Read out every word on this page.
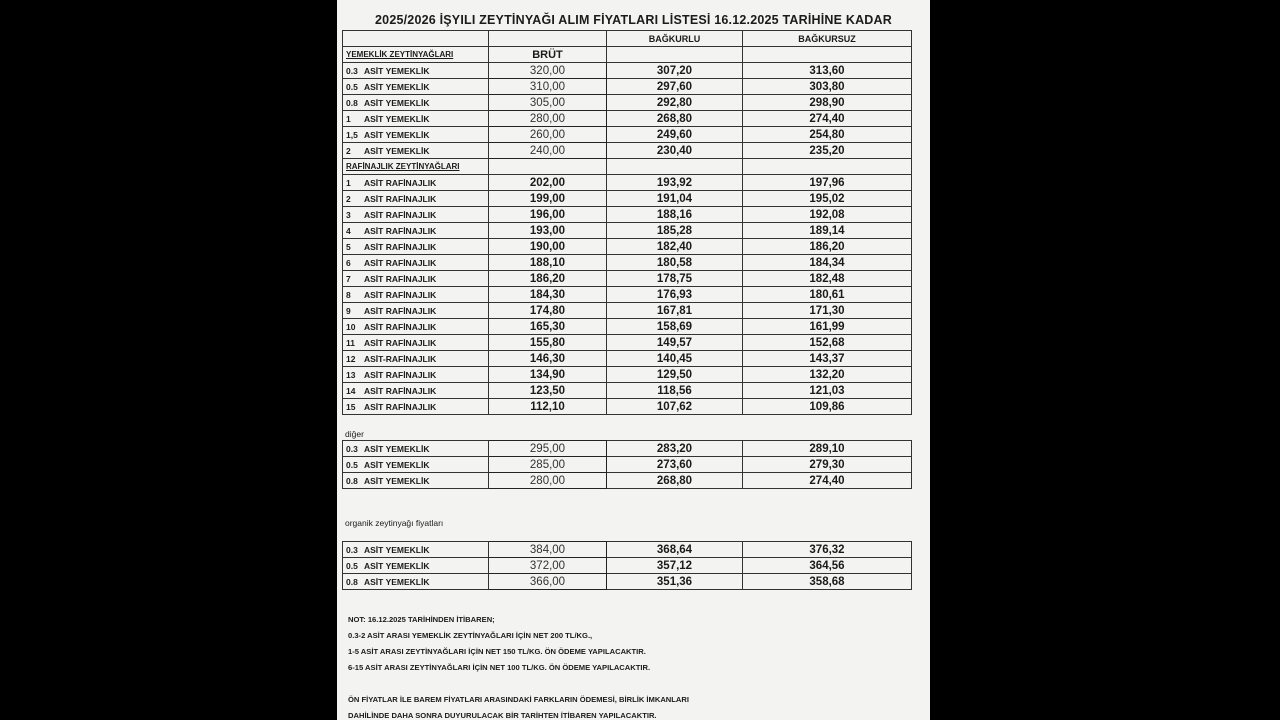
2025/2026 İŞYILI ZEYTİNYAĞI ALIM FİYATLARI LİSTESİ 16.12.2025 TARİHİNE KADAR
		BAĞKURLU	BAĞKURSUZ
YEMEKLİK ZEYTİNYAĞLARI	BRÜT		
0.3 ASİT YEMEKLİK	320,00	307,20	313,60
0.5 ASİT YEMEKLİK	310,00	297,60	303,80
0.8 ASİT YEMEKLİK	305,00	292,80	298,90
1 ASİT YEMEKLİK	280,00	268,80	274,40
1,5 ASİT YEMEKLİK	260,00	249,60	254,80
2 ASİT YEMEKLİK	240,00	230,40	235,20
RAFİNAJLIK ZEYTİNYAĞLARI			
1 ASİT RAFİNAJLIK	202,00	193,92	197,96
2 ASİT RAFİNAJLIK	199,00	191,04	195,02
3 ASİT RAFİNAJLIK	196,00	188,16	192,08
4 ASİT RAFİNAJLIK	193,00	185,28	189,14
5 ASİT RAFİNAJLIK	190,00	182,40	186,20
6 ASİT RAFİNAJLIK	188,10	180,58	184,34
7 ASİT RAFİNAJLIK	186,20	178,75	182,48
8 ASİT RAFİNAJLIK	184,30	176,93	180,61
9 ASİT RAFİNAJLIK	174,80	167,81	171,30
10 ASİT RAFİNAJLIK	165,30	158,69	161,99
11 ASİT RAFİNAJLIK	155,80	149,57	152,68
12 ASİT-RAFİNAJLIK	146,30	140,45	143,37
13 ASİT RAFİNAJLIK	134,90	129,50	132,20
14 ASİT RAFİNAJLIK	123,50	118,56	121,03
15 ASİT RAFİNAJLIK	112,10	107,62	109,86
diğer
0.3 ASİT YEMEKLİK	295,00	283,20	289,10
0.5 ASİT YEMEKLİK	285,00	273,60	279,30
0.8 ASİT YEMEKLİK	280,00	268,80	274,40
organik zeytinyağı fiyatları
0.3 ASİT YEMEKLİK	384,00	368,64	376,32
0.5 ASİT YEMEKLİK	372,00	357,12	364,56
0.8 ASİT YEMEKLİK	366,00	351,36	358,68
NOT: 16.12.2025 TARİHİNDEN İTİBAREN;
0.3-2 ASİT ARASI YEMEKLİK ZEYTİNYAĞLARI İÇİN NET 200 TL/KG.,
1-5 ASİT ARASI ZEYTİNYAĞLARI İÇİN NET 150 TL/KG. ÖN ÖDEME YAPILACAKTIR.
6-15 ASİT ARASI ZEYTİNYAĞLARI İÇİN NET 100 TL/KG. ÖN ÖDEME YAPILACAKTIR.
ÖN FİYATLAR İLE BAREM FİYATLARI ARASINDAKİ FARKLARIN ÖDEMESİ, BİRLİK İMKANLARI
DAHİLİNDE DAHA SONRA DUYURULACAK BİR TARİHTEN İTİBAREN YAPILACAKTIR.
